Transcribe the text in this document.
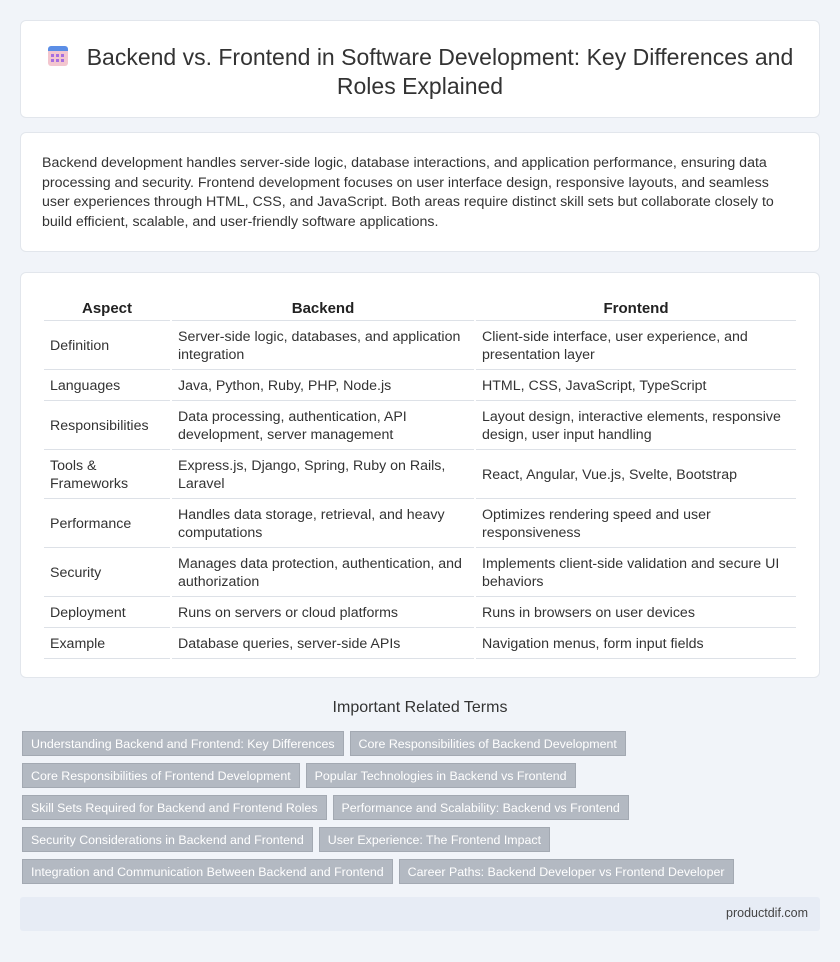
Backend vs. Frontend in Software Development: Key Differences and Roles Explained

Backend development handles server-side logic, database interactions, and application performance, ensuring data processing and security. Frontend development focuses on user interface design, responsive layouts, and seamless user experiences through HTML, CSS, and JavaScript. Both areas require distinct skill sets but collaborate closely to build efficient, scalable, and user-friendly software applications.

Aspect	Backend	Frontend
Definition	Server-side logic, databases, and application integration	Client-side interface, user experience, and presentation layer
Languages	Java, Python, Ruby, PHP, Node.js	HTML, CSS, JavaScript, TypeScript
Responsibilities	Data processing, authentication, API development, server management	Layout design, interactive elements, responsive design, user input handling
Tools & Frameworks	Express.js, Django, Spring, Ruby on Rails, Laravel	React, Angular, Vue.js, Svelte, Bootstrap
Performance	Handles data storage, retrieval, and heavy computations	Optimizes rendering speed and user responsiveness
Security	Manages data protection, authentication, and authorization	Implements client-side validation and secure UI behaviors
Deployment	Runs on servers or cloud platforms	Runs in browsers on user devices
Example	Database queries, server-side APIs	Navigation menus, form input fields
Important Related Terms
Understanding Backend and Frontend: Key Differences Core Responsibilities of Backend Development
Core Responsibilities of Frontend Development Popular Technologies in Backend vs Frontend
Skill Sets Required for Backend and Frontend Roles Performance and Scalability: Backend vs Frontend
Security Considerations in Backend and Frontend User Experience: The Frontend Impact
Integration and Communication Between Backend and Frontend Career Paths: Backend Developer vs Frontend Developer
productdif.com
